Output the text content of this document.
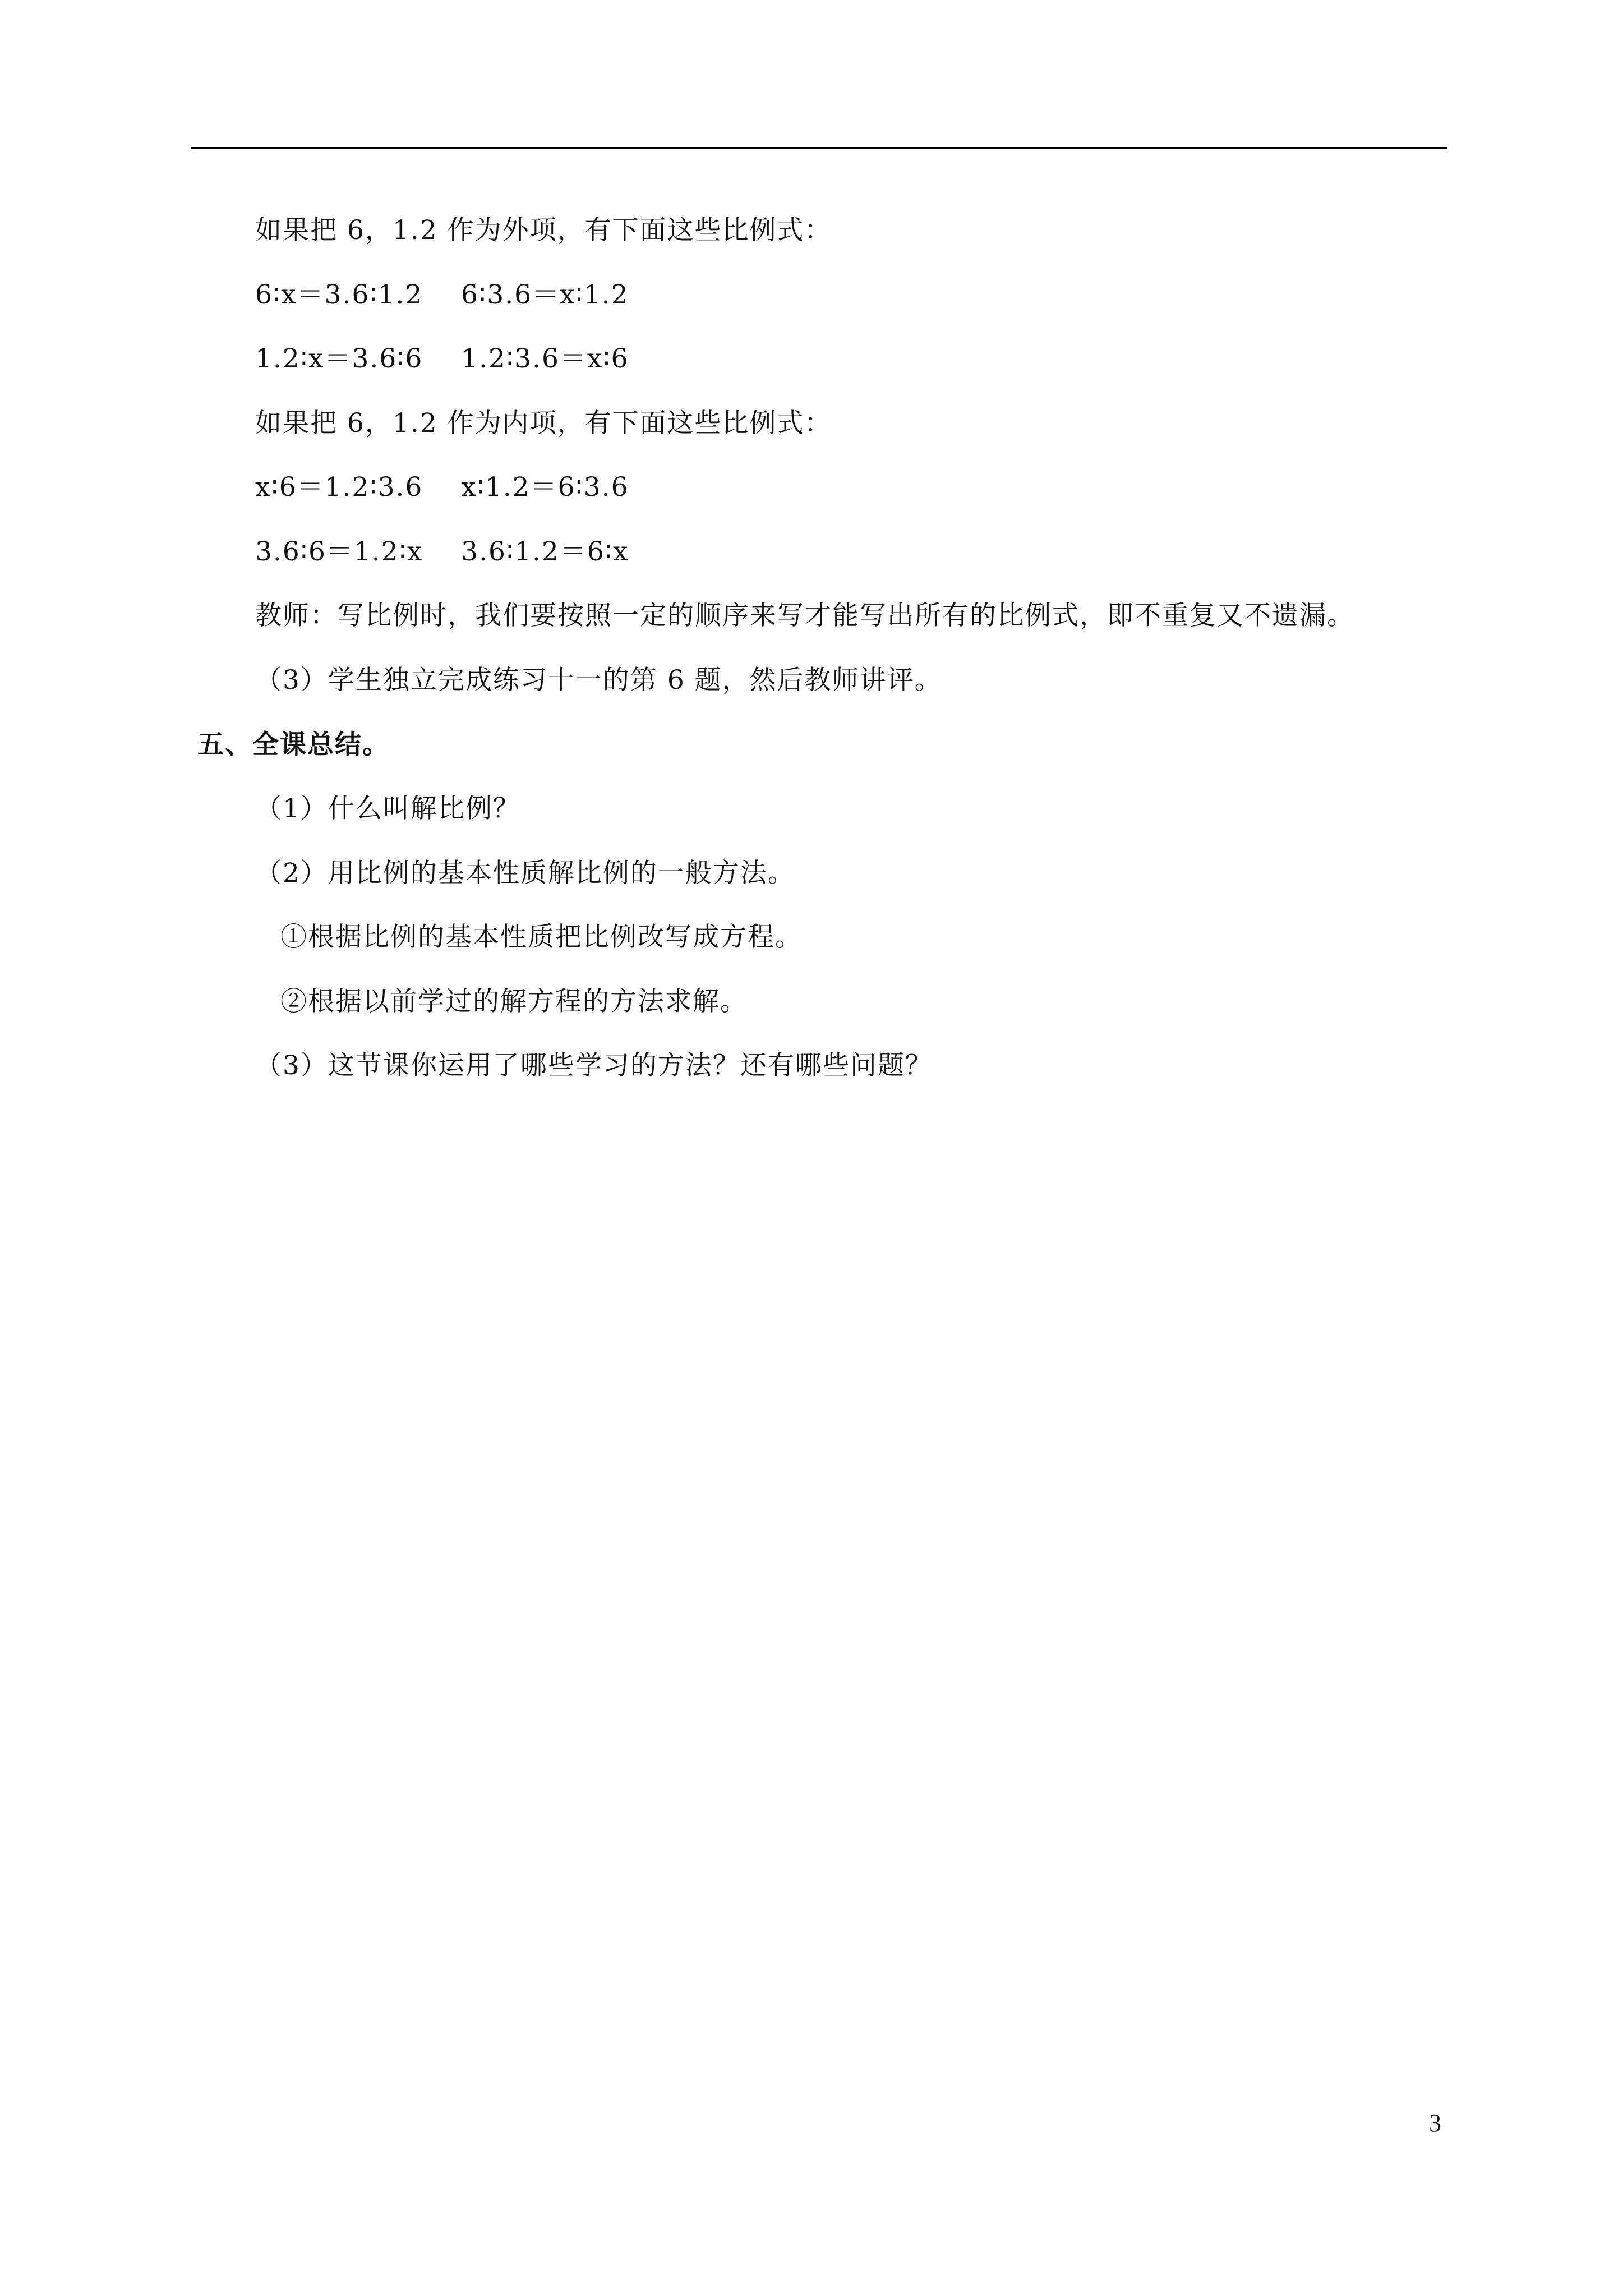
如果把 6，1.2 作为外项，有下面这些比例式：
6∶x＝3.6∶1.2    6∶3.6＝x∶1.2
1.2∶x＝3.6∶6    1.2∶3.6＝x∶6
如果把 6，1.2 作为内项，有下面这些比例式：
x∶6＝1.2∶3.6    x∶1.2＝6∶3.6
3.6∶6＝1.2∶x    3.6∶1.2＝6∶x
教师：写比例时，我们要按照一定的顺序来写才能写出所有的比例式，即不重复又不遗漏。
（3）学生独立完成练习十一的第 6 题，然后教师讲评。
五、全课总结。
（1）什么叫解比例？
（2）用比例的基本性质解比例的一般方法。
①根据比例的基本性质把比例改写成方程。
②根据以前学过的解方程的方法求解。
（3）这节课你运用了哪些学习的方法？还有哪些问题？
3
